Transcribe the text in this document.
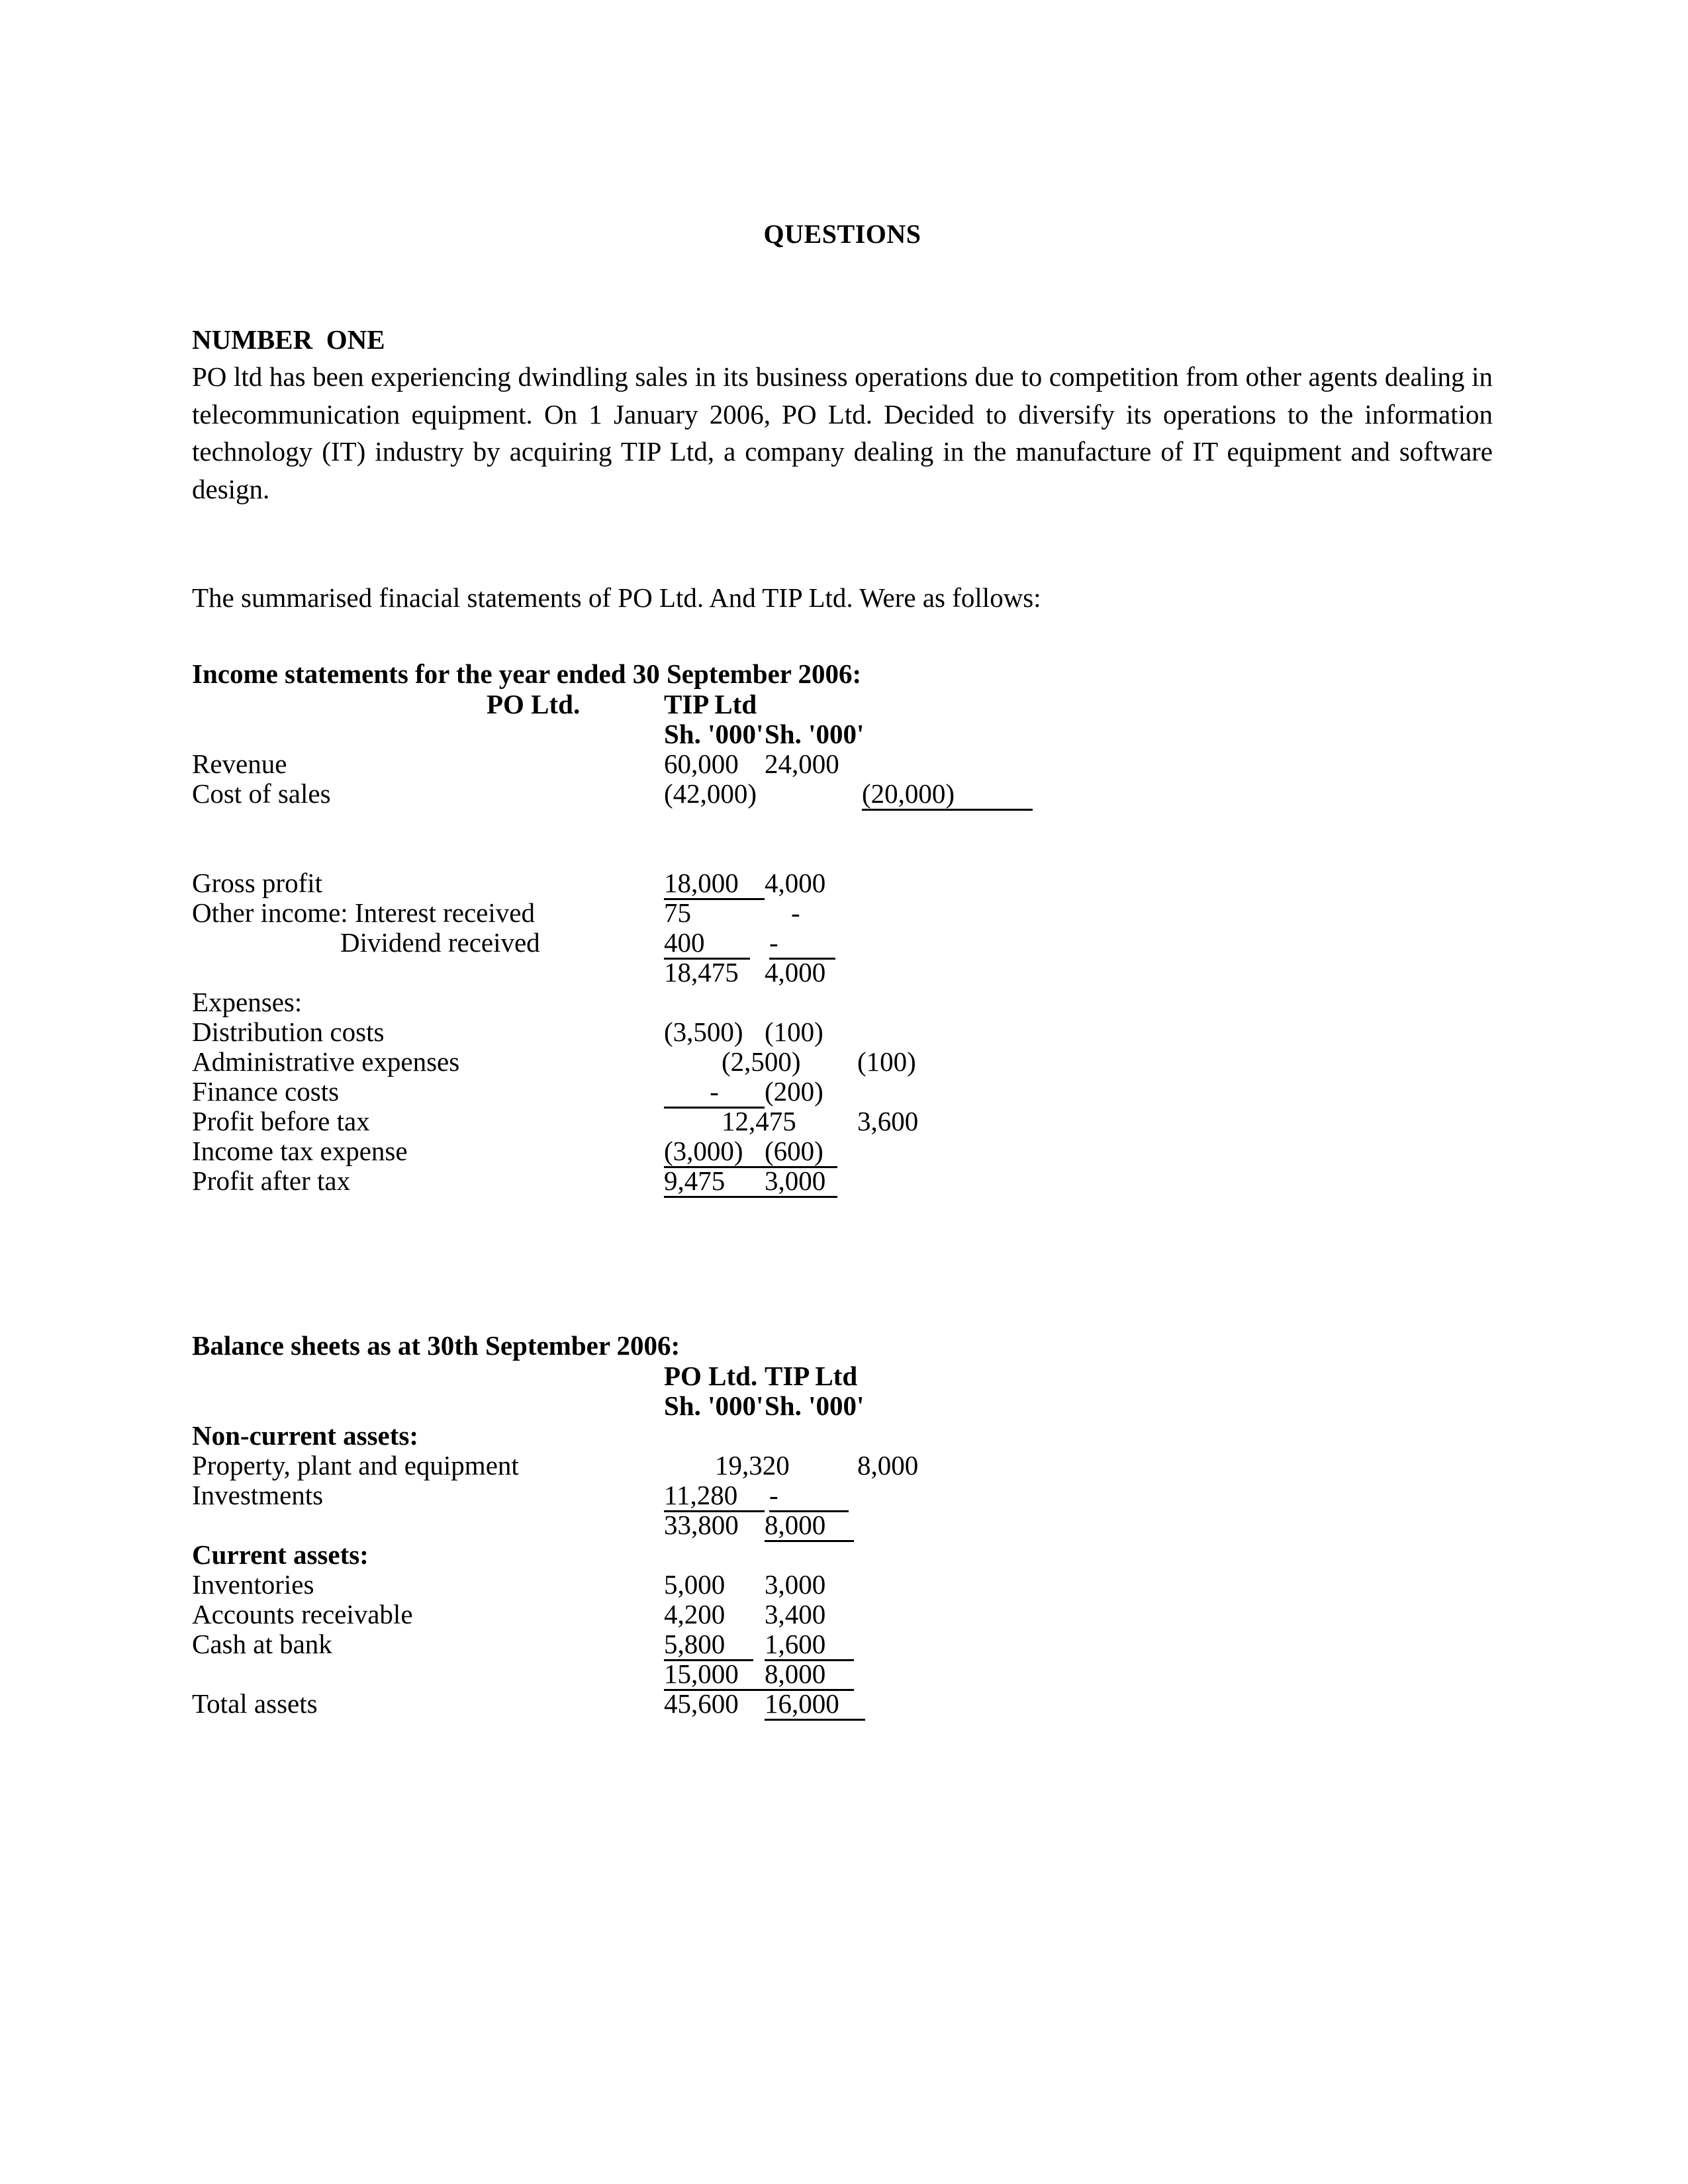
QUESTIONS
NUMBER  ONE
PO ltd has been experiencing dwindling sales in its business operations due to competition from other agents dealing in telecommunication equipment. On 1 January 2006, PO Ltd. Decided to diversify its operations to the information technology (IT) industry by acquiring TIP Ltd, a company dealing in the manufacture of IT equipment and software design.
The summarised finacial statements of PO Ltd. And TIP Ltd. Were as follows:
Income statements for the year ended 30 September 2006:
PO Ltd.	TIP Ltd
Sh. '000' Sh. '000'
Revenue	60,000 24,000
Cost of sales	(42,000)	(20,000)
Gross profit	18,000 4,000
Other income: Interest received	75	-
Dividend received	400	-
18,475 4,000
Expenses:
Distribution costs	(3,500) (100)
Administrative expenses	(2,500) (100)
Finance costs	-	(200)
Profit before tax	12,475 3,600
Income tax expense	(3,000) (600)
Profit after tax	9,475	3,000
Balance sheets as at 30th September 2006:
PO Ltd. TIP Ltd
Sh. '000' Sh. '000'
Non-current assets:
Property, plant and equipment	19,320 8,000
Investments	11,280	-
33,800 8,000
Current assets:
Inventories	5,000 3,000
Accounts receivable	4,200 3,400
Cash at bank	5,800	1,600
15,000 8,000
Total assets	45,600 16,000
